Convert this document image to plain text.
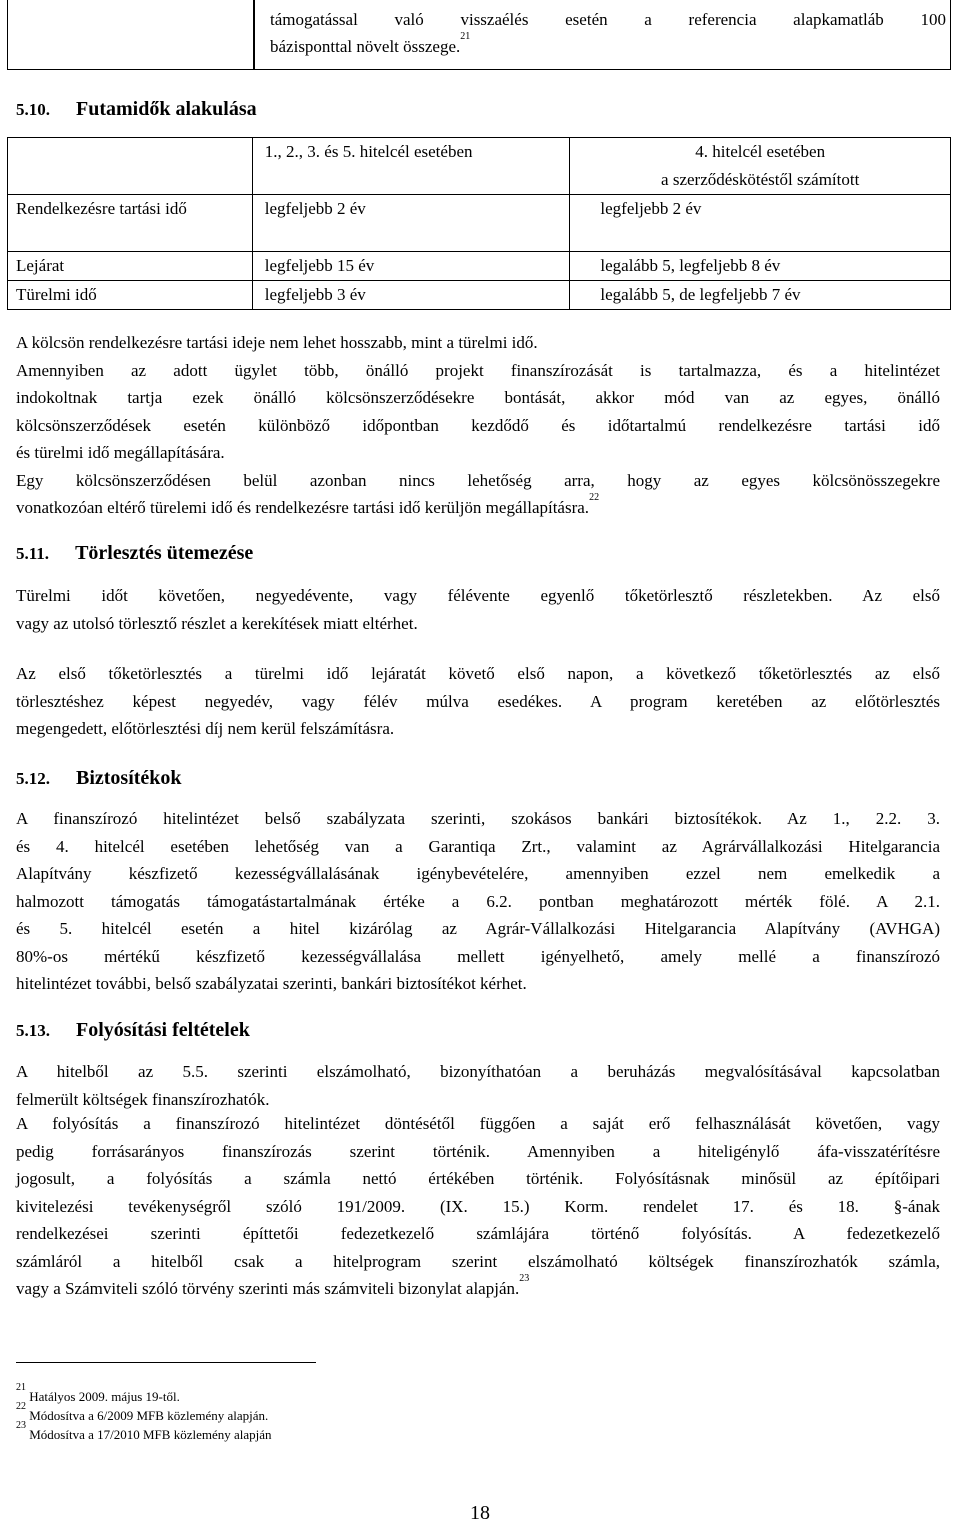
támogatással való visszaélés esetén a referencia alapkamatláb 100
bázisponttal növelt összege.$^{21}$
5.10. Futamidők alakulása
	1., 2., 3. és 5. hitelcél esetében	4. hitelcél esetében
a szerződéskötéstől számított

Rendelkezésre tartási idő	legfeljebb 2 év	legfeljebb 2 év
Lejárat	legfeljebb 15 év	legalább 5, legfeljebb 8 év
Türelmi idő	legfeljebb 3 év	legalább 5, de legfeljebb 7 év
A kölcsön rendelkezésre tartási ideje nem lehet hosszabb, mint a türelmi idő.
Amennyiben az adott ügylet több, önálló projekt finanszírozását is tartalmazza, és a hitelintézet
indokoltnak tartja ezek önálló kölcsönszerződésekre bontását, akkor mód van az egyes, önálló
kölcsönszerződések esetén különböző időpontban kezdődő és időtartalmú rendelkezésre tartási idő
és türelmi idő megállapítására.
Egy kölcsönszerződésen belül azonban nincs lehetőség arra, hogy az egyes kölcsönösszegekre
vonatkozóan eltérő türelemi idő és rendelkezésre tartási idő kerüljön megállapításra.$^{22}$
5.11. Törlesztés ütemezése
Türelmi időt követően, negyedévente, vagy félévente egyenlő tőketörlesztő részletekben. Az első
vagy az utolsó törlesztő részlet a kerekítések miatt eltérhet.
Az első tőketörlesztés a türelmi idő lejáratát követő első napon, a következő tőketörlesztés az első
törlesztéshez képest negyedév, vagy félév múlva esedékes. A program keretében az előtörlesztés
megengedett, előtörlesztési díj nem kerül felszámításra.
5.12. Biztosítékok
A finanszírozó hitelintézet belső szabályzata szerinti, szokásos bankári biztosítékok. Az 1., 2.2. 3.
és 4. hitelcél esetében lehetőség van a Garantiqa Zrt., valamint az Agrárvállalkozási Hitelgarancia
Alapítvány készfizető kezességvállalásának igénybevételére, amennyiben ezzel nem emelkedik a
halmozott támogatás támogatástartalmának értéke a 6.2. pontban meghatározott mérték fölé. A 2.1.
és 5. hitelcél esetén a hitel kizárólag az Agrár-Vállalkozási Hitelgarancia Alapítvány (AVHGA)
80%-os mértékű készfizető kezességvállalása mellett igényelhető, amely mellé a finanszírozó
hitelintézet további, belső szabályzatai szerinti, bankári biztosítékot kérhet.
5.13. Folyósítási feltételek
A hitelből az 5.5. szerinti elszámolható, bizonyíthatóan a beruházás megvalósításával kapcsolatban
felmerült költségek finanszírozhatók.
A folyósítás a finanszírozó hitelintézet döntésétől függően a saját erő felhasználását követően, vagy
pedig forrásarányos finanszírozás szerint történik. Amennyiben a hiteligénylő áfa-visszatérítésre
jogosult, a folyósítás a számla nettó értékében történik. Folyósításnak minősül az építőipari
kivitelezési tevékenységről szóló 191/2009. (IX. 15.) Korm. rendelet 17. és 18. §-ának
rendelkezései szerinti építtetői fedezetkezelő számlájára történő folyósítás. A fedezetkezelő
számláról a hitelből csak a hitelprogram szerint elszámolható költségek finanszírozhatók számla,
vagy a Számviteli szóló törvény szerinti más számviteli bizonylat alapján.$^{23}$
$^{21}$ Hatályos 2009. május 19-től.
$^{22}$ Módosítva a 6/2009 MFB közlemény alapján.
$^{23}$ Módosítva a 17/2010 MFB közlemény alapján
18
